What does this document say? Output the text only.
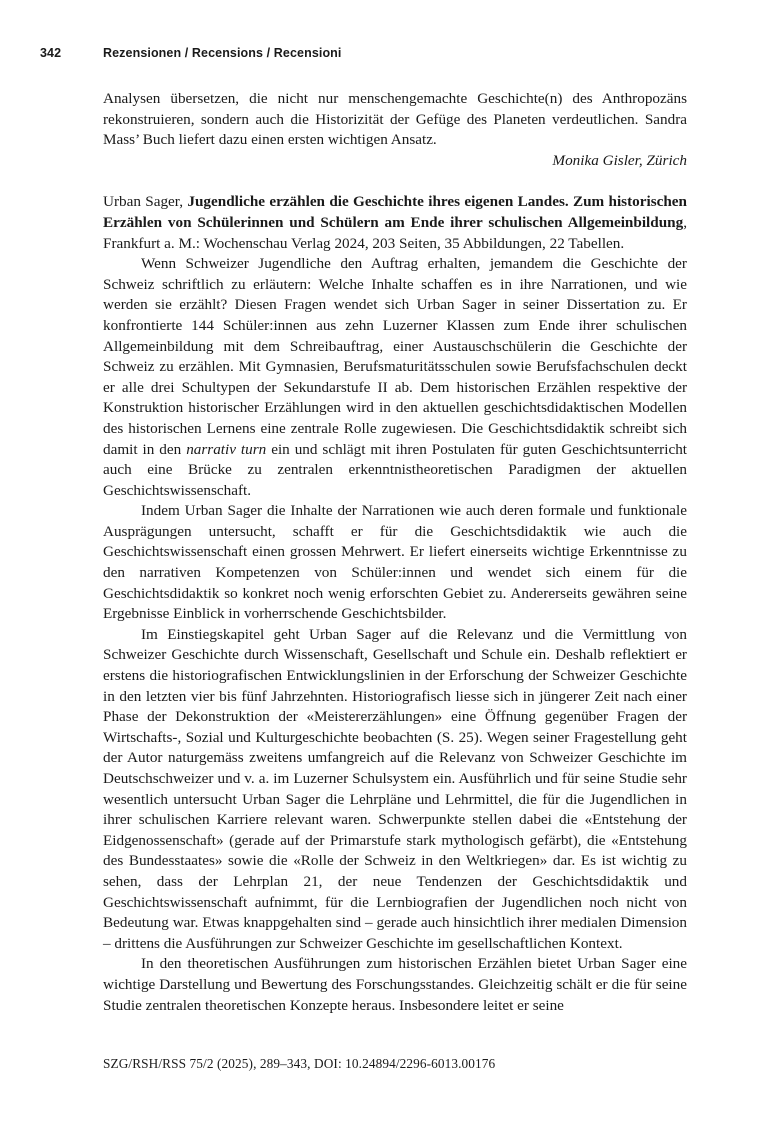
342	Rezensionen / Recensions / Recensioni

Analysen übersetzen, die nicht nur menschengemachte Geschichte(n) des Anthropozäns rekonstruieren, sondern auch die Historizität der Gefüge des Planeten verdeutlichen. Sandra Mass’ Buch liefert dazu einen ersten wichtigen Ansatz.

Monika Gisler, Zürich

Urban Sager, Jugendliche erzählen die Geschichte ihres eigenen Landes. Zum historischen Erzählen von Schülerinnen und Schülern am Ende ihrer schulischen Allgemeinbildung, Frankfurt a. M.: Wochenschau Verlag 2024, 203 Seiten, 35 Abbildungen, 22 Tabellen.

Wenn Schweizer Jugendliche den Auftrag erhalten, jemandem die Geschichte der Schweiz schriftlich zu erläutern: Welche Inhalte schaffen es in ihre Narrationen, und wie werden sie erzählt? Diesen Fragen wendet sich Urban Sager in seiner Dissertation zu. Er konfrontierte 144 Schüler:innen aus zehn Luzerner Klassen zum Ende ihrer schulischen Allgemeinbildung mit dem Schreibauftrag, einer Austauschschülerin die Geschichte der Schweiz zu erzählen. Mit Gymnasien, Berufsmaturitätsschulen sowie Berufsfachschulen deckt er alle drei Schultypen der Sekundarstufe II ab. Dem historischen Erzählen respektive der Konstruktion historischer Erzählungen wird in den aktuellen geschichtsdidaktischen Modellen des historischen Lernens eine zentrale Rolle zugewiesen. Die Geschichtsdidaktik schreibt sich damit in den narrativ turn ein und schlägt mit ihren Postulaten für guten Geschichtsunterricht auch eine Brücke zu zentralen erkenntnistheoretischen Paradigmen der aktuellen Geschichtswissenschaft.

Indem Urban Sager die Inhalte der Narrationen wie auch deren formale und funktionale Ausprägungen untersucht, schafft er für die Geschichtsdidaktik wie auch die Geschichtswissenschaft einen grossen Mehrwert. Er liefert einerseits wichtige Erkenntnisse zu den narrativen Kompetenzen von Schüler:innen und wendet sich einem für die Geschichtsdidaktik so konkret noch wenig erforschten Gebiet zu. Andererseits gewähren seine Ergebnisse Einblick in vorherrschende Geschichtsbilder.

Im Einstiegskapitel geht Urban Sager auf die Relevanz und die Vermittlung von Schweizer Geschichte durch Wissenschaft, Gesellschaft und Schule ein. Deshalb reflektiert er erstens die historiografischen Entwicklungslinien in der Erforschung der Schweizer Geschichte in den letzten vier bis fünf Jahrzehnten. Historiografisch liesse sich in jüngerer Zeit nach einer Phase der Dekonstruktion der «Meistererzählungen» eine Öffnung gegenüber Fragen der Wirtschafts-, Sozial und Kulturgeschichte beobachten (S. 25). Wegen seiner Fragestellung geht der Autor naturgemäss zweitens umfangreich auf die Relevanz von Schweizer Geschichte im Deutschschweizer und v. a. im Luzerner Schulsystem ein. Ausführlich und für seine Studie sehr wesentlich untersucht Urban Sager die Lehrpläne und Lehrmittel, die für die Jugendlichen in ihrer schulischen Karriere relevant waren. Schwerpunkte stellen dabei die «Entstehung der Eidgenossenschaft» (gerade auf der Primarstufe stark mythologisch gefärbt), die «Entstehung des Bundesstaates» sowie die «Rolle der Schweiz in den Weltkriegen» dar. Es ist wichtig zu sehen, dass der Lehrplan 21, der neue Tendenzen der Geschichtsdidaktik und Geschichtswissenschaft aufnimmt, für die Lernbiografien der Jugendlichen noch nicht von Bedeutung war. Etwas knappgehalten sind – gerade auch hinsichtlich ihrer medialen Dimension – drittens die Ausführungen zur Schweizer Geschichte im gesellschaftlichen Kontext.

In den theoretischen Ausführungen zum historischen Erzählen bietet Urban Sager eine wichtige Darstellung und Bewertung des Forschungsstandes. Gleichzeitig schält er die für seine Studie zentralen theoretischen Konzepte heraus. Insbesondere leitet er seine

SZG/RSH/RSS 75/2 (2025), 289–343, DOI: 10.24894/2296-6013.00176
